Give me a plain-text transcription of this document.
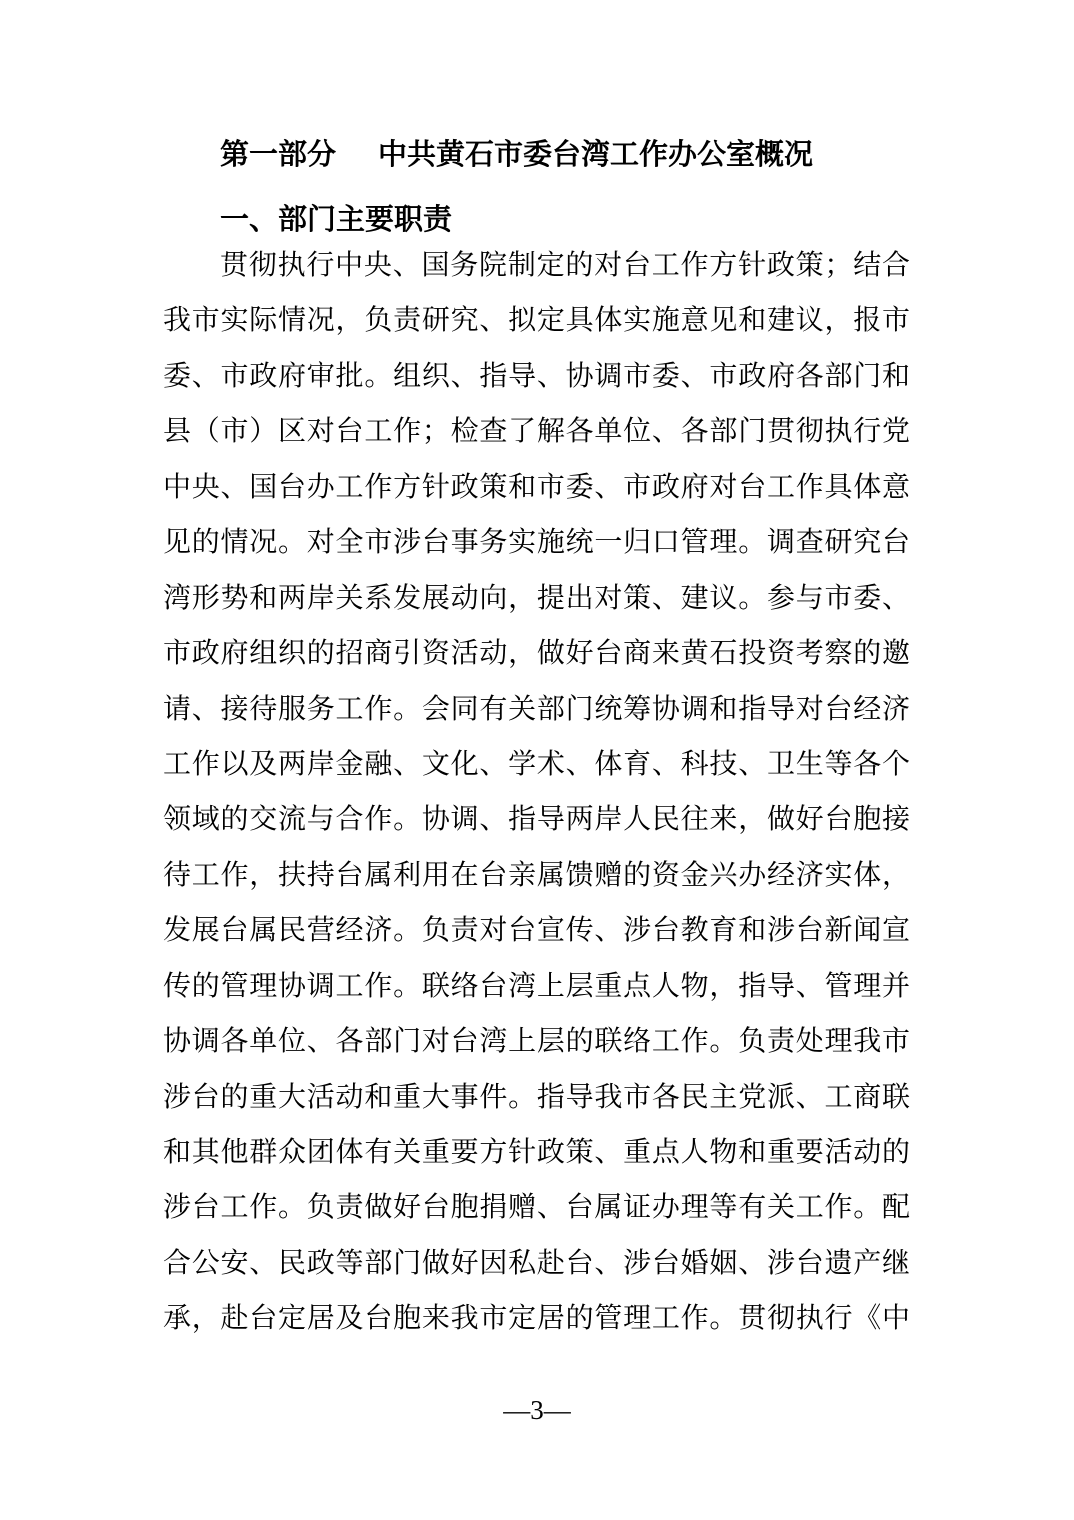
第一部分 中共黄石市委台湾工作办公室概况
一、部门主要职责
贯彻执行中央、国务院制定的对台工作方针政策；结合
我市实际情况，负责研究、拟定具体实施意见和建议，报市
委、市政府审批。组织、指导、协调市委、市政府各部门和
县（市）区对台工作；检查了解各单位、各部门贯彻执行党
中央、国台办工作方针政策和市委、市政府对台工作具体意
见的情况。对全市涉台事务实施统一归口管理。调查研究台
湾形势和两岸关系发展动向，提出对策、建议。参与市委、
市政府组织的招商引资活动，做好台商来黄石投资考察的邀
请、接待服务工作。会同有关部门统筹协调和指导对台经济
工作以及两岸金融、文化、学术、体育、科技、卫生等各个
领域的交流与合作。协调、指导两岸人民往来，做好台胞接
待工作，扶持台属利用在台亲属馈赠的资金兴办经济实体，
发展台属民营经济。负责对台宣传、涉台教育和涉台新闻宣
传的管理协调工作。联络台湾上层重点人物，指导、管理并
协调各单位、各部门对台湾上层的联络工作。负责处理我市
涉台的重大活动和重大事件。指导我市各民主党派、工商联
和其他群众团体有关重要方针政策、重点人物和重要活动的
涉台工作。负责做好台胞捐赠、台属证办理等有关工作。配
合公安、民政等部门做好因私赴台、涉台婚姻、涉台遗产继
承，赴台定居及台胞来我市定居的管理工作。贯彻执行《中
—3—
